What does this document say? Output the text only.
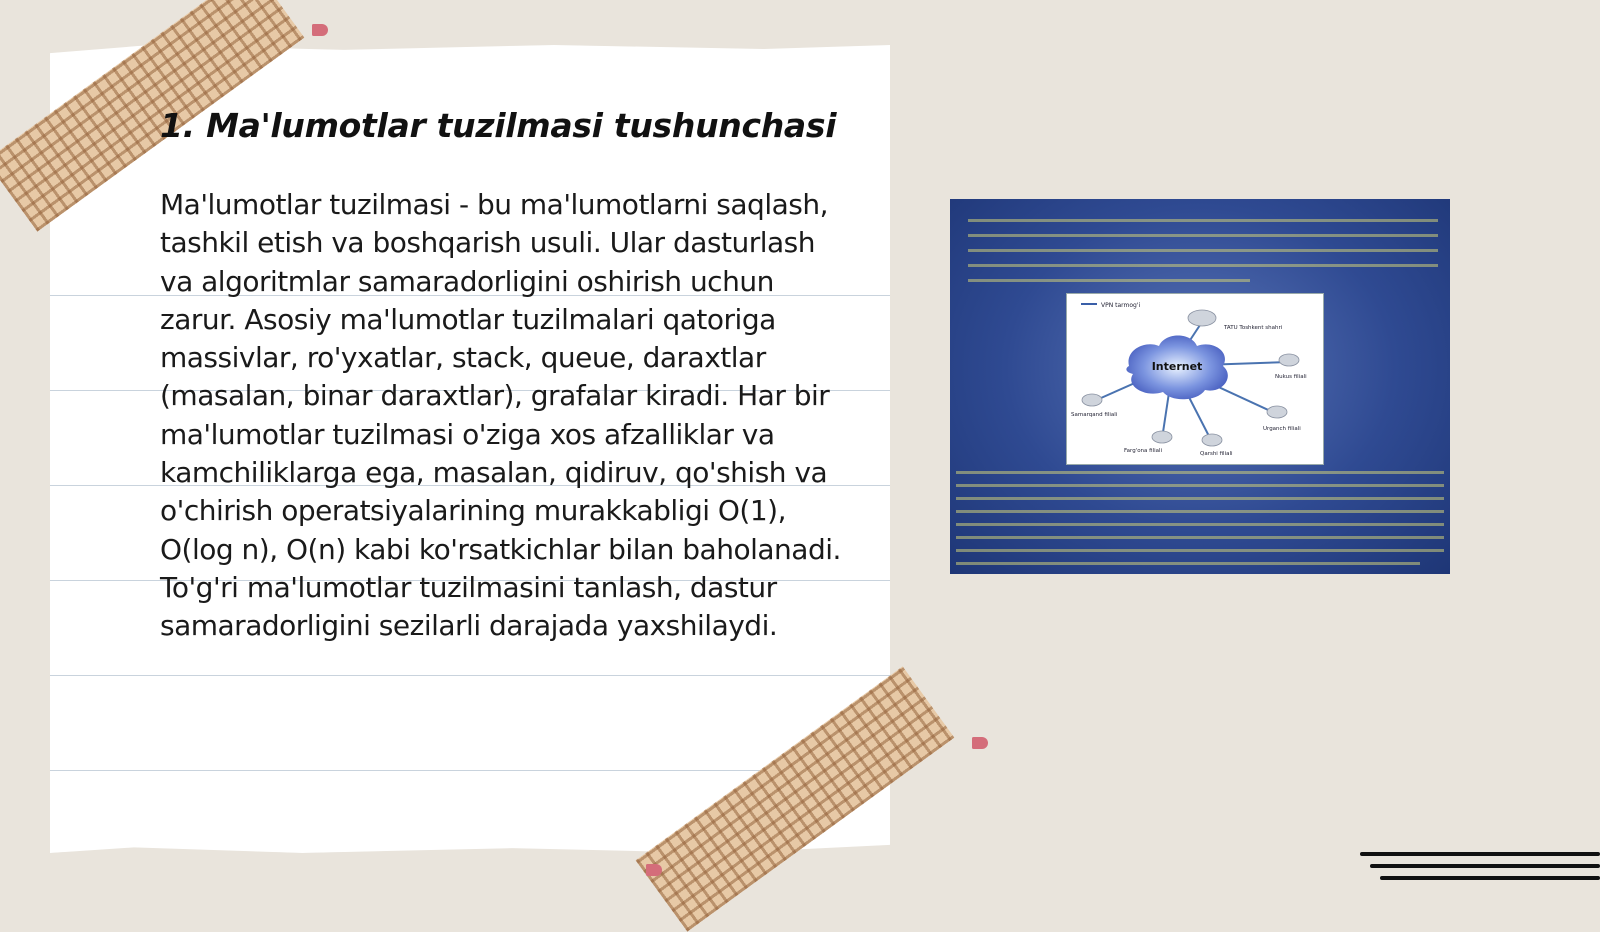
1. Ma'lumotlar tuzilmasi tushunchasi

Ma'lumotlar tuzilmasi - bu ma'lumotlarni saqlash, tashkil etish va boshqarish usuli. Ular dasturlash va algoritmlar samaradorligini oshirish uchun zarur. Asosiy ma'lumotlar tuzilmalari qatoriga massivlar, ro'yxatlar, stack, queue, daraxtlar (masalan, binar daraxtlar), grafalar kiradi. Har bir ma'lumotlar tuzilmasi o'ziga xos afzalliklar va kamchiliklarga ega, masalan, qidiruv, qo'shish va o'chirish operatsiyalarining murakkabligi O(1), O(log n), O(n) kabi ko'rsatkichlar bilan baholanadi. To'g'ri ma'lumotlar tuzilmasini tanlash, dastur samaradorligini sezilarli darajada yaxshilaydi.

VPN tarmog'i
Internet
TATU Toshkent shahri
Nukus filiali
Urganch filiali
Qarshi filiali
Farg'ona filiali
Samarqand filiali
